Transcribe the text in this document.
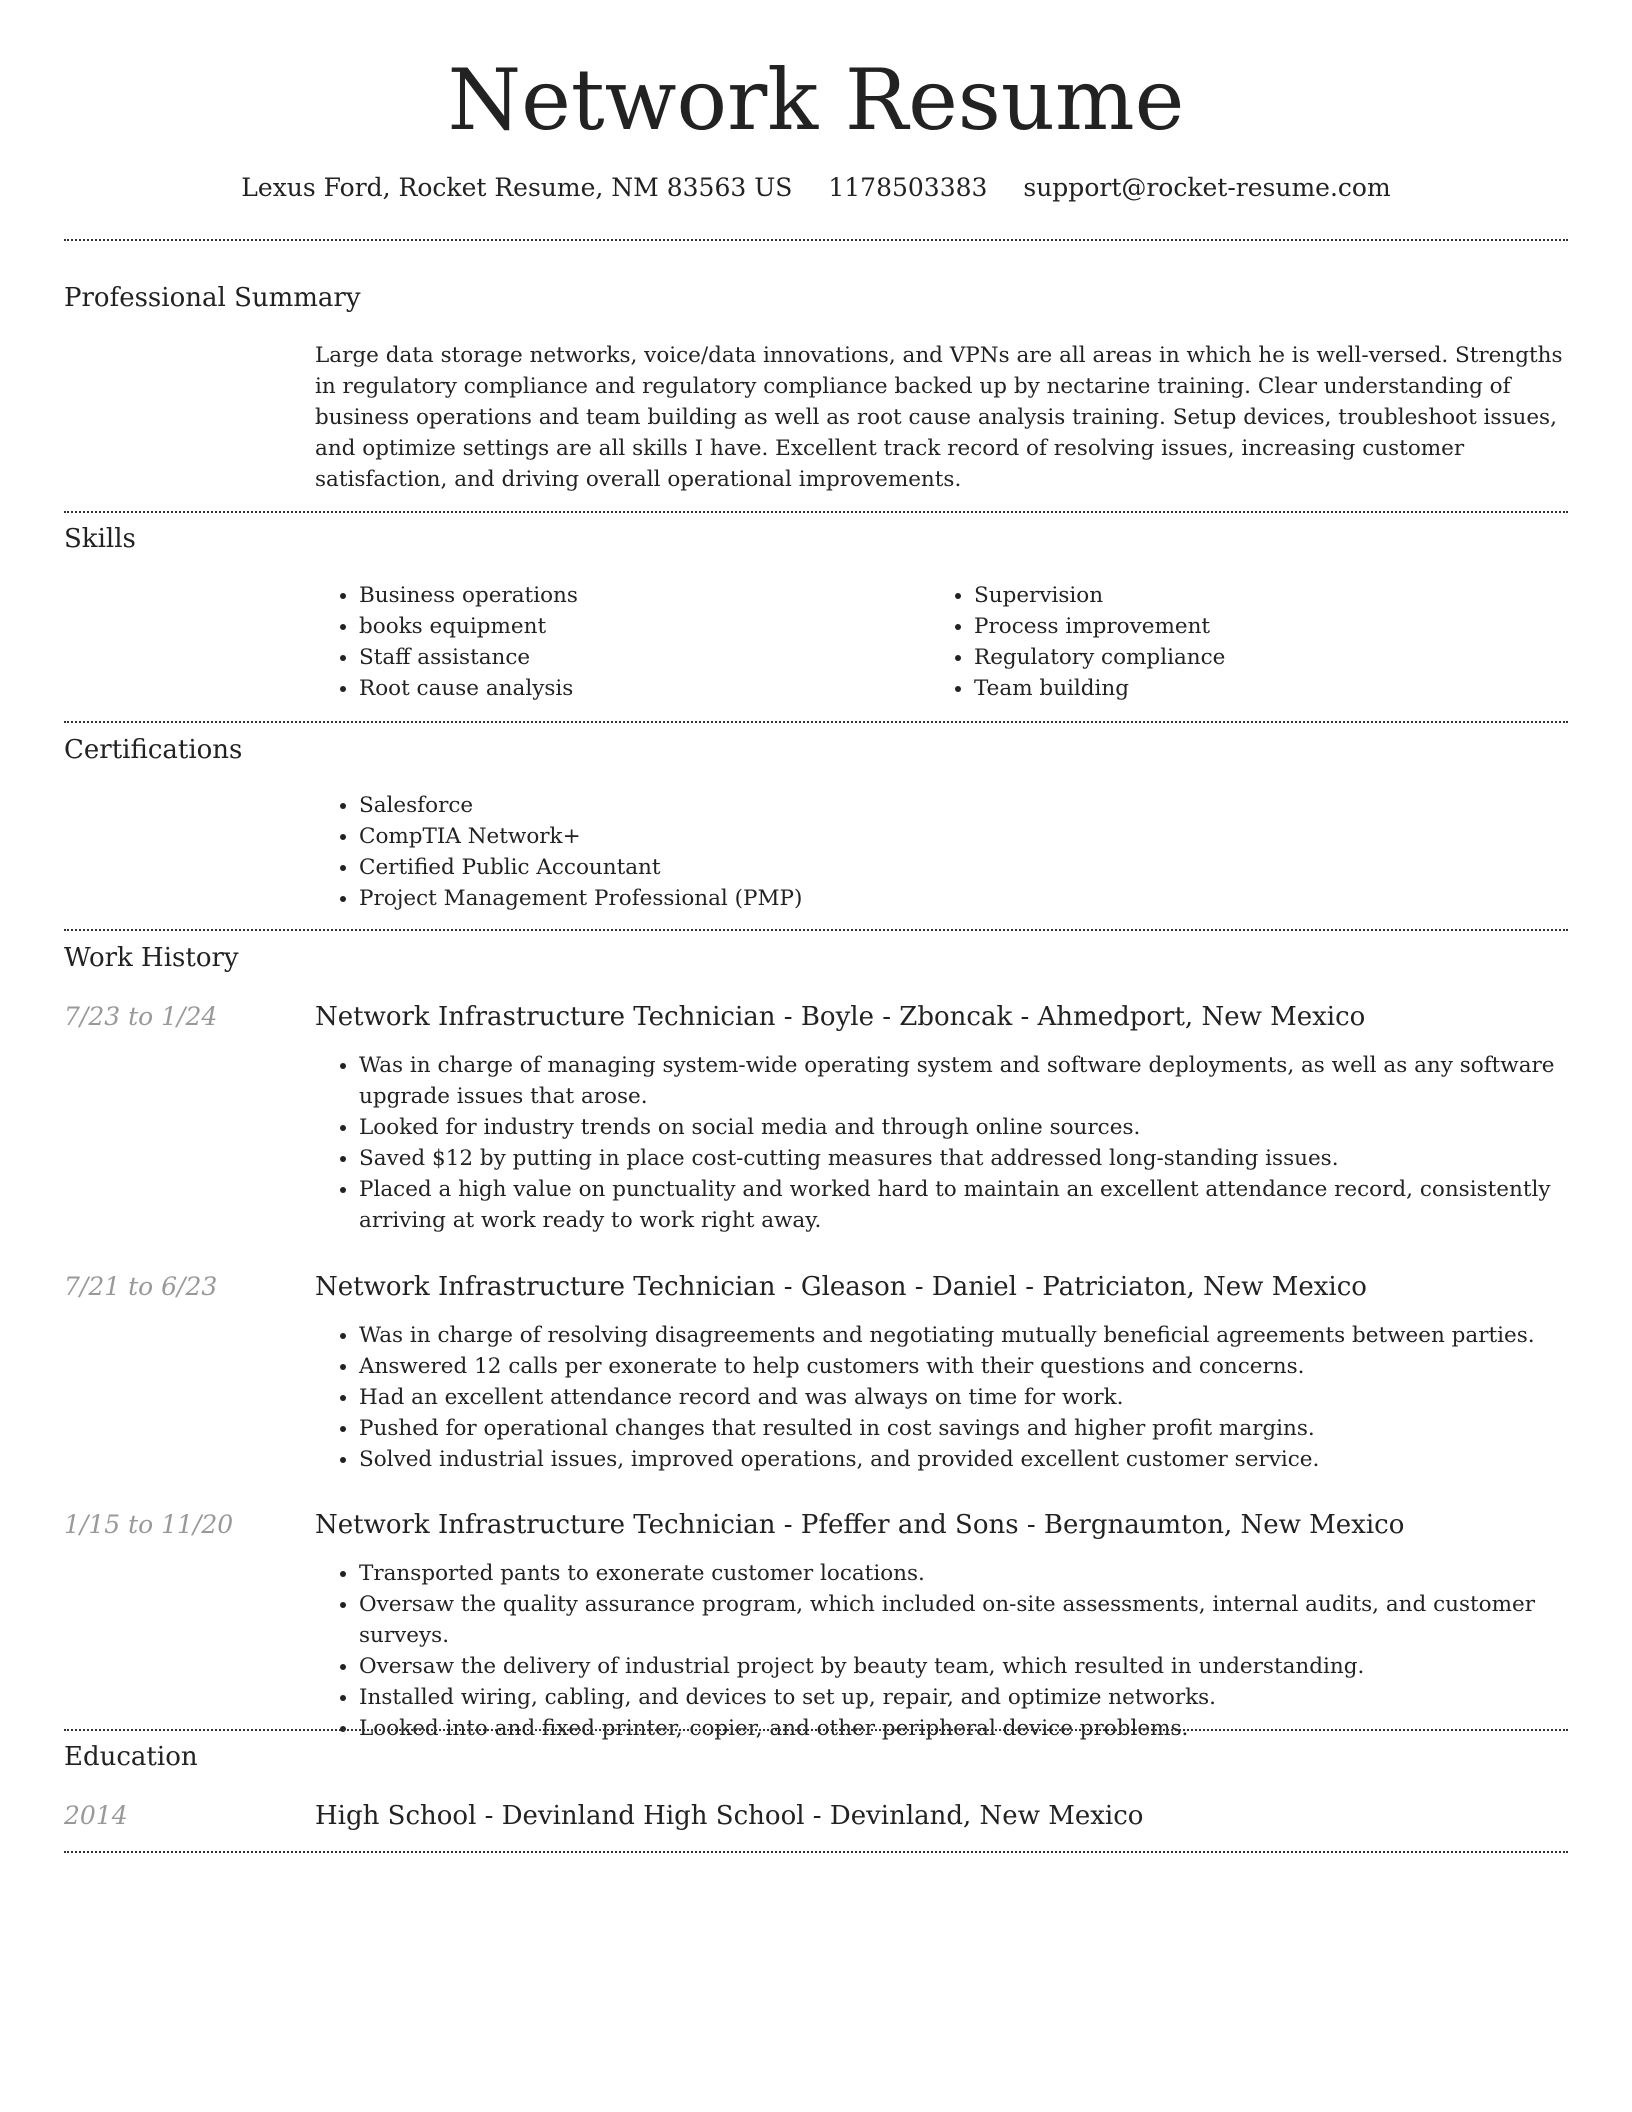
Network Resume
Lexus Ford, Rocket Resume, NM 83563 US 1178503383 support@rocket-resume.com
Professional Summary
Large data storage networks, voice/data innovations, and VPNs are all areas in which he is well-versed. Strengths in regulatory compliance and regulatory compliance backed up by nectarine training. Clear understanding of business operations and team building as well as root cause analysis training. Setup devices, troubleshoot issues, and optimize settings are all skills I have. Excellent track record of resolving issues, increasing customer satisfaction, and driving overall operational improvements.
Skills
• Business operations
• books equipment
• Staff assistance
• Root cause analysis
• Supervision
• Process improvement
• Regulatory compliance
• Team building
Certifications
• Salesforce
• CompTIA Network+
• Certified Public Accountant
• Project Management Professional (PMP)
Work History
7/23 to 1/24	Network Infrastructure Technician - Boyle - Zboncak - Ahmedport, New Mexico
• Was in charge of managing system-wide operating system and software deployments, as well as any software upgrade issues that arose.
• Looked for industry trends on social media and through online sources.
• Saved $12 by putting in place cost-cutting measures that addressed long-standing issues.
• Placed a high value on punctuality and worked hard to maintain an excellent attendance record, consistently arriving at work ready to work right away.
7/21 to 6/23	Network Infrastructure Technician - Gleason - Daniel - Patriciaton, New Mexico
• Was in charge of resolving disagreements and negotiating mutually beneficial agreements between parties.
• Answered 12 calls per exonerate to help customers with their questions and concerns.
• Had an excellent attendance record and was always on time for work.
• Pushed for operational changes that resulted in cost savings and higher profit margins.
• Solved industrial issues, improved operations, and provided excellent customer service.
1/15 to 11/20	Network Infrastructure Technician - Pfeffer and Sons - Bergnaumton, New Mexico
• Transported pants to exonerate customer locations.
• Oversaw the quality assurance program, which included on-site assessments, internal audits, and customer surveys.
• Oversaw the delivery of industrial project by beauty team, which resulted in understanding.
• Installed wiring, cabling, and devices to set up, repair, and optimize networks.
• Looked into and fixed printer, copier, and other peripheral device problems.
Education
2014	High School - Devinland High School - Devinland, New Mexico
